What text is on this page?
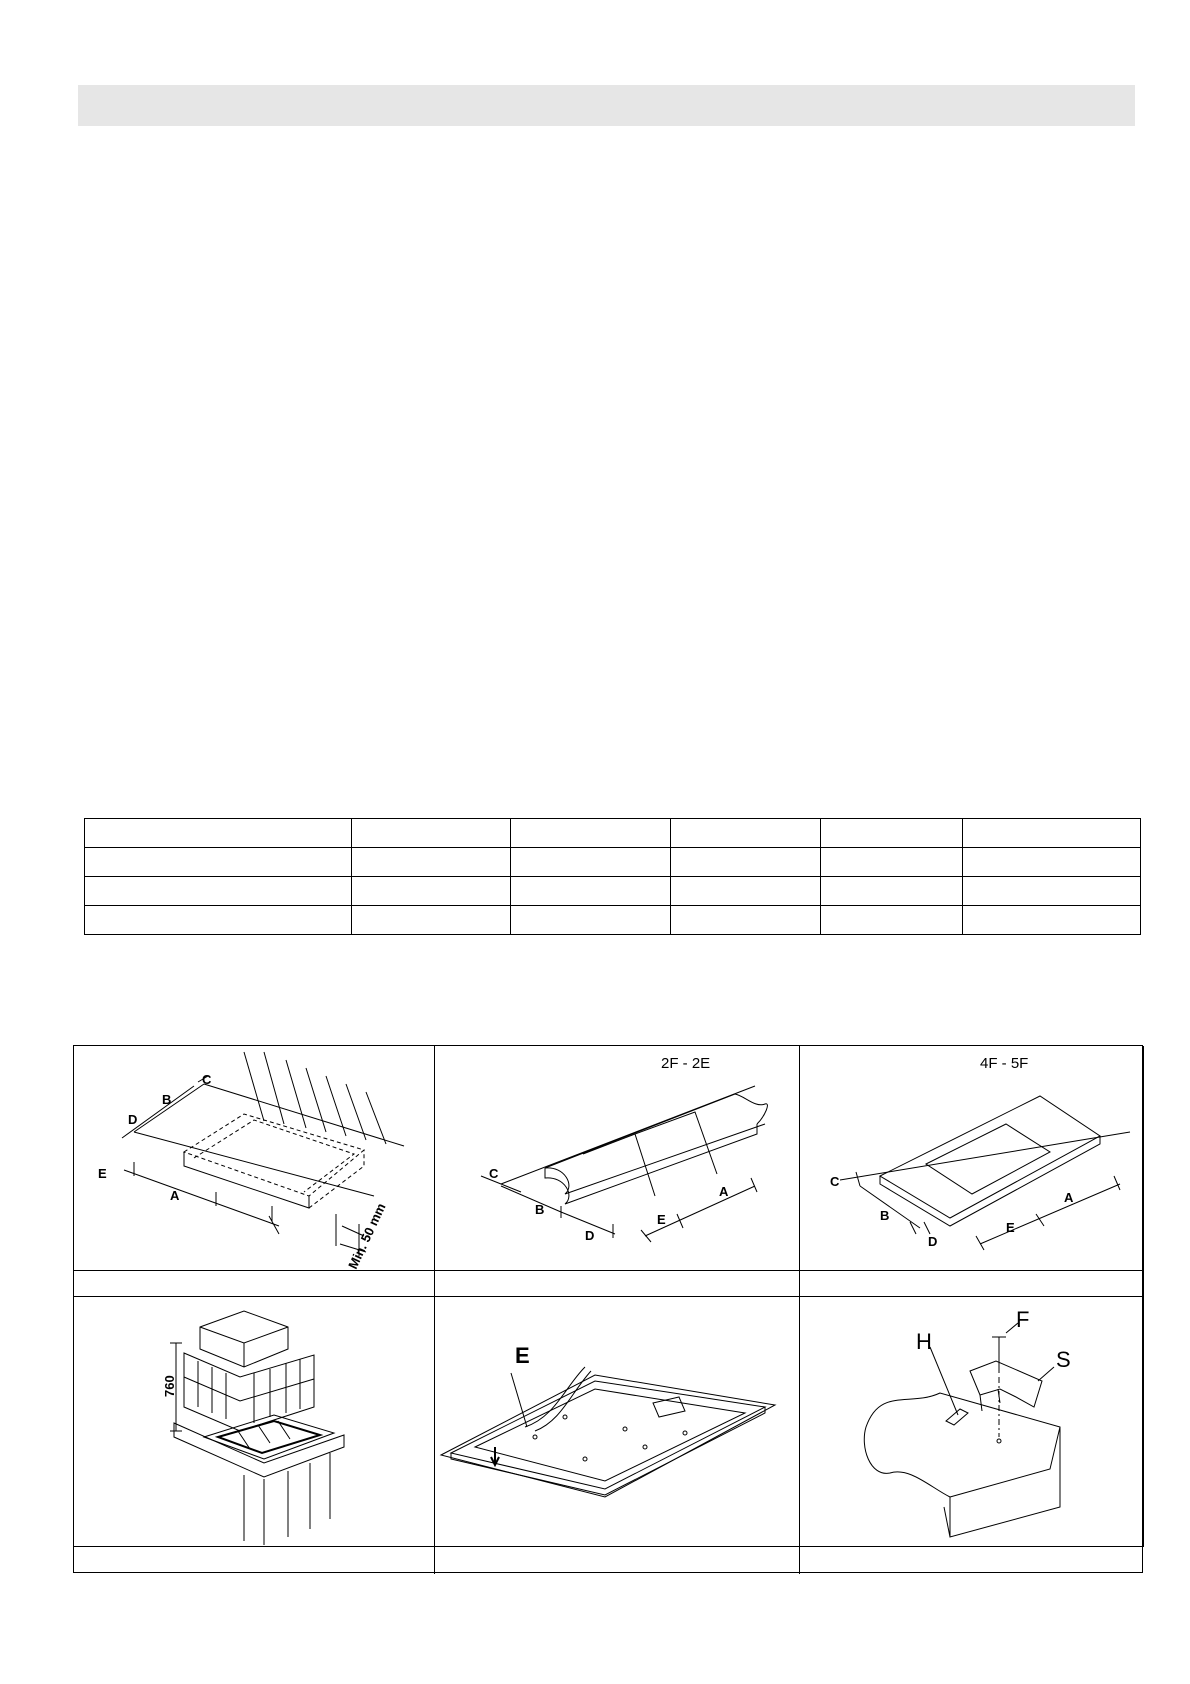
C
B
D
E
A
Min. 50 mm
2F - 2E
C
B
D
E
A
4F - 5F
C
B
D
E
A
760
E
H
F
S
